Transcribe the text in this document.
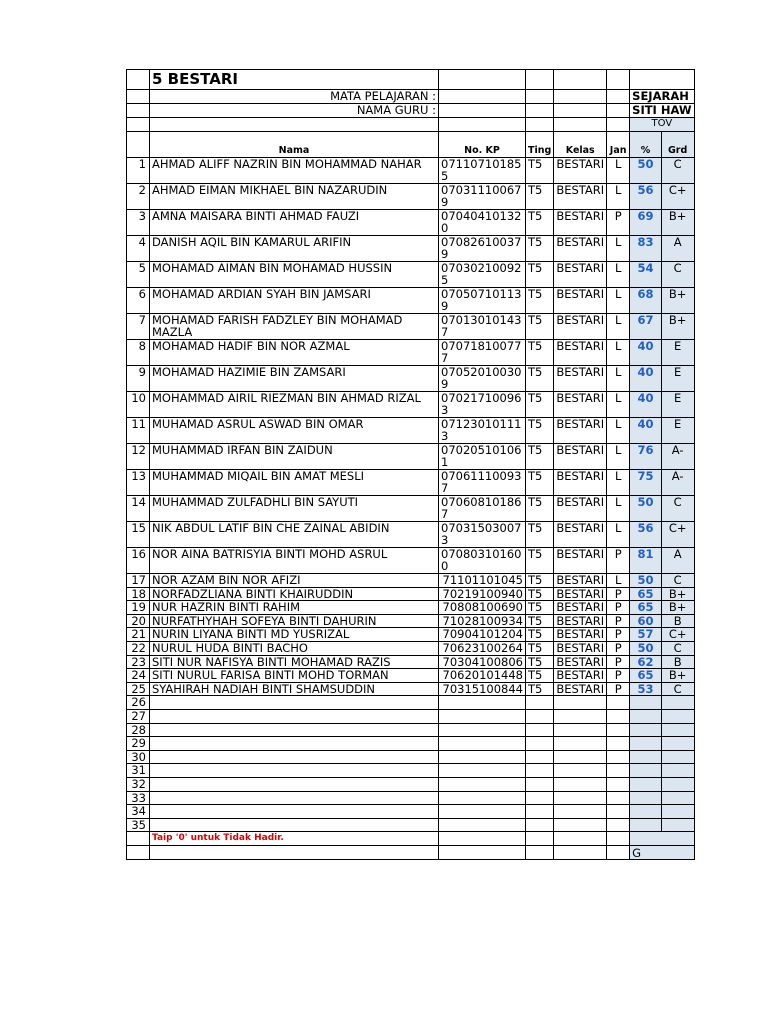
	5 BESTARI						
	MATA PELAJARAN :					SEJARAH	
	NAMA GURU :					SITI HAW	
						TOV	
	Nama	No. KP	Ting	Kelas	Jan	%	Grd
1	AHMAD ALIFF NAZRIN BIN MOHAMMAD NAHAR	071107101855	T5	BESTARI	L	50	C
2	AHMAD EIMAN MIKHAEL BIN NAZARUDIN	070311100679	T5	BESTARI	L	56	C+
3	AMNA MAISARA BINTI AHMAD FAUZI	070404101320	T5	BESTARI	P	69	B+
4	DANISH AQIL BIN KAMARUL ARIFIN	070826100379	T5	BESTARI	L	83	A
5	MOHAMAD AIMAN BIN MOHAMAD HUSSIN	070302100925	T5	BESTARI	L	54	C
6	MOHAMAD ARDIAN SYAH BIN JAMSARI	070507101139	T5	BESTARI	L	68	B+
7	MOHAMAD FARISH FADZLEY BIN MOHAMAD MAZLA	070130101437	T5	BESTARI	L	67	B+
8	MOHAMAD HADIF BIN NOR AZMAL	070718100777	T5	BESTARI	L	40	E
9	MOHAMAD HAZIMIE BIN ZAMSARI	070520100309	T5	BESTARI	L	40	E
10	MOHAMMAD AIRIL RIEZMAN BIN AHMAD RIZAL	070217100963	T5	BESTARI	L	40	E
11	MUHAMAD ASRUL ASWAD BIN OMAR	071230101113	T5	BESTARI	L	40	E
12	MUHAMMAD IRFAN BIN ZAIDUN	070205101061	T5	BESTARI	L	76	A-
13	MUHAMMAD MIQAIL BIN AMAT MESLI	070611100937	T5	BESTARI	L	75	A-
14	MUHAMMAD ZULFADHLI BIN SAYUTI	070608101867	T5	BESTARI	L	50	C
15	NIK ABDUL LATIF BIN CHE ZAINAL ABIDIN	070315030073	T5	BESTARI	L	56	C+
16	NOR AINA BATRISYIA BINTI MOHD ASRUL	070803101600	T5	BESTARI	P	81	A
17	NOR AZAM BIN NOR AFIZI	71101101045	T5	BESTARI	L	50	C
18	NORFADZLIANA BINTI KHAIRUDDIN	70219100940	T5	BESTARI	P	65	B+
19	NUR HAZRIN BINTI RAHIM	70808100690	T5	BESTARI	P	65	B+
20	NURFATHYHAH SOFEYA BINTI DAHURIN	71028100934	T5	BESTARI	P	60	B
21	NURIN LIYANA BINTI MD YUSRIZAL	70904101204	T5	BESTARI	P	57	C+
22	NURUL HUDA BINTI BACHO	70623100264	T5	BESTARI	P	50	C
23	SITI NUR NAFISYA BINTI MOHAMAD RAZIS	70304100806	T5	BESTARI	P	62	B
24	SITI NURUL FARISA BINTI MOHD TORMAN	70620101448	T5	BESTARI	P	65	B+
25	SYAHIRAH NADIAH BINTI SHAMSUDDIN	70315100844	T5	BESTARI	P	53	C
26							
27							
28							
29							
30							
31							
32							
33							
34							
35							
	Taip '0' untuk Tidak Hadir.						
						G	
